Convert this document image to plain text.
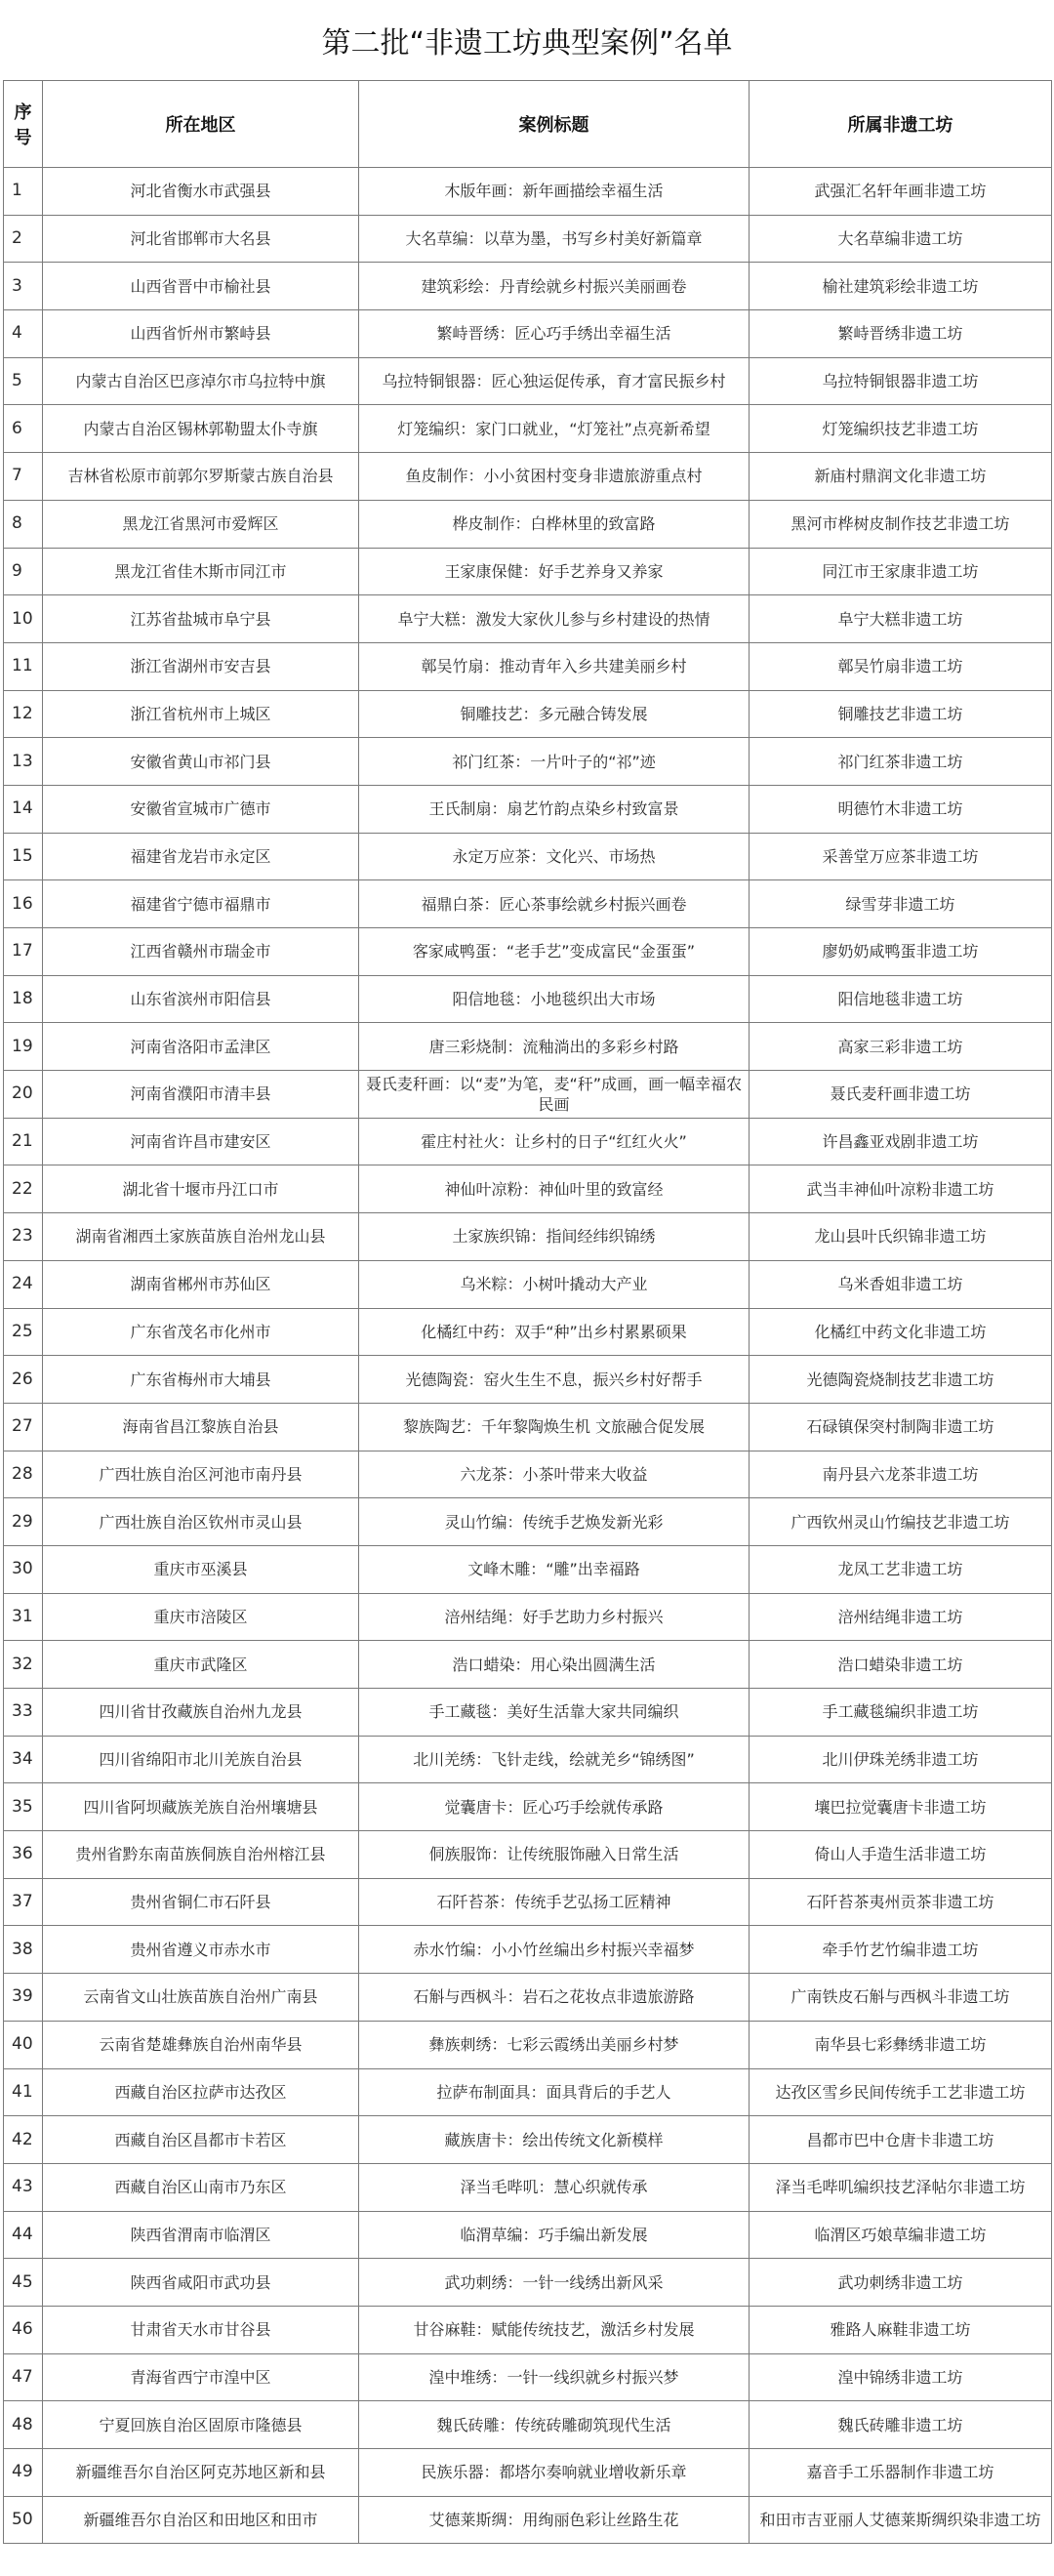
第二批“非遗工坊典型案例”名单
序号	所在地区	案例标题	所属非遗工坊
1	河北省衡水市武强县	木版年画：新年画描绘幸福生活	武强汇名轩年画非遗工坊
2	河北省邯郸市大名县	大名草编：以草为墨，书写乡村美好新篇章	大名草编非遗工坊
3	山西省晋中市榆社县	建筑彩绘：丹青绘就乡村振兴美丽画卷	榆社建筑彩绘非遗工坊
4	山西省忻州市繁峙县	繁峙晋绣：匠心巧手绣出幸福生活	繁峙晋绣非遗工坊
5	内蒙古自治区巴彦淖尔市乌拉特中旗	乌拉特铜银器：匠心独运促传承，育才富民振乡村	乌拉特铜银器非遗工坊
6	内蒙古自治区锡林郭勒盟太仆寺旗	灯笼编织：家门口就业，“灯笼社”点亮新希望	灯笼编织技艺非遗工坊
7	吉林省松原市前郭尔罗斯蒙古族自治县	鱼皮制作：小小贫困村变身非遗旅游重点村	新庙村鼎润文化非遗工坊
8	黑龙江省黑河市爱辉区	桦皮制作：白桦林里的致富路	黑河市桦树皮制作技艺非遗工坊
9	黑龙江省佳木斯市同江市	王家康保健：好手艺养身又养家	同江市王家康非遗工坊
10	江苏省盐城市阜宁县	阜宁大糕：激发大家伙儿参与乡村建设的热情	阜宁大糕非遗工坊
11	浙江省湖州市安吉县	鄣吴竹扇：推动青年入乡共建美丽乡村	鄣吴竹扇非遗工坊
12	浙江省杭州市上城区	铜雕技艺：多元融合铸发展	铜雕技艺非遗工坊
13	安徽省黄山市祁门县	祁门红茶：一片叶子的“祁”迹	祁门红茶非遗工坊
14	安徽省宣城市广德市	王氏制扇：扇艺竹韵点染乡村致富景	明德竹木非遗工坊
15	福建省龙岩市永定区	永定万应茶：文化兴、市场热	采善堂万应茶非遗工坊
16	福建省宁德市福鼎市	福鼎白茶：匠心茶事绘就乡村振兴画卷	绿雪芽非遗工坊
17	江西省赣州市瑞金市	客家咸鸭蛋：“老手艺”变成富民“金蛋蛋”	廖奶奶咸鸭蛋非遗工坊
18	山东省滨州市阳信县	阳信地毯：小地毯织出大市场	阳信地毯非遗工坊
19	河南省洛阳市孟津区	唐三彩烧制：流釉淌出的多彩乡村路	高家三彩非遗工坊
20	河南省濮阳市清丰县	聂氏麦秆画：以“麦”为笔，麦“秆”成画，画一幅幸福农民画	聂氏麦秆画非遗工坊
21	河南省许昌市建安区	霍庄村社火：让乡村的日子“红红火火”	许昌鑫亚戏剧非遗工坊
22	湖北省十堰市丹江口市	神仙叶凉粉：神仙叶里的致富经	武当丰神仙叶凉粉非遗工坊
23	湖南省湘西土家族苗族自治州龙山县	土家族织锦：指间经纬织锦绣	龙山县叶氏织锦非遗工坊
24	湖南省郴州市苏仙区	乌米粽：小树叶撬动大产业	乌米香姐非遗工坊
25	广东省茂名市化州市	化橘红中药：双手“种”出乡村累累硕果	化橘红中药文化非遗工坊
26	广东省梅州市大埔县	光德陶瓷：窑火生生不息，振兴乡村好帮手	光德陶瓷烧制技艺非遗工坊
27	海南省昌江黎族自治县	黎族陶艺：千年黎陶焕生机 文旅融合促发展	石碌镇保突村制陶非遗工坊
28	广西壮族自治区河池市南丹县	六龙茶：小茶叶带来大收益	南丹县六龙茶非遗工坊
29	广西壮族自治区钦州市灵山县	灵山竹编：传统手艺焕发新光彩	广西钦州灵山竹编技艺非遗工坊
30	重庆市巫溪县	文峰木雕：“雕”出幸福路	龙凤工艺非遗工坊
31	重庆市涪陵区	涪州结绳：好手艺助力乡村振兴	涪州结绳非遗工坊
32	重庆市武隆区	浩口蜡染：用心染出圆满生活	浩口蜡染非遗工坊
33	四川省甘孜藏族自治州九龙县	手工藏毯：美好生活靠大家共同编织	手工藏毯编织非遗工坊
34	四川省绵阳市北川羌族自治县	北川羌绣：飞针走线，绘就羌乡“锦绣图”	北川伊珠羌绣非遗工坊
35	四川省阿坝藏族羌族自治州壤塘县	觉囊唐卡：匠心巧手绘就传承路	壤巴拉觉囊唐卡非遗工坊
36	贵州省黔东南苗族侗族自治州榕江县	侗族服饰：让传统服饰融入日常生活	倚山人手造生活非遗工坊
37	贵州省铜仁市石阡县	石阡苔茶：传统手艺弘扬工匠精神	石阡苔茶夷州贡茶非遗工坊
38	贵州省遵义市赤水市	赤水竹编：小小竹丝编出乡村振兴幸福梦	牵手竹艺竹编非遗工坊
39	云南省文山壮族苗族自治州广南县	石斛与西枫斗：岩石之花妆点非遗旅游路	广南铁皮石斛与西枫斗非遗工坊
40	云南省楚雄彝族自治州南华县	彝族刺绣：七彩云霞绣出美丽乡村梦	南华县七彩彝绣非遗工坊
41	西藏自治区拉萨市达孜区	拉萨布制面具：面具背后的手艺人	达孜区雪乡民间传统手工艺非遗工坊
42	西藏自治区昌都市卡若区	藏族唐卡：绘出传统文化新模样	昌都市巴中仓唐卡非遗工坊
43	西藏自治区山南市乃东区	泽当毛哔叽：慧心织就传承	泽当毛哔叽编织技艺泽帖尔非遗工坊
44	陕西省渭南市临渭区	临渭草编：巧手编出新发展	临渭区巧娘草编非遗工坊
45	陕西省咸阳市武功县	武功刺绣：一针一线绣出新风采	武功刺绣非遗工坊
46	甘肃省天水市甘谷县	甘谷麻鞋：赋能传统技艺，激活乡村发展	雅路人麻鞋非遗工坊
47	青海省西宁市湟中区	湟中堆绣：一针一线织就乡村振兴梦	湟中锦绣非遗工坊
48	宁夏回族自治区固原市隆德县	魏氏砖雕：传统砖雕砌筑现代生活	魏氏砖雕非遗工坊
49	新疆维吾尔自治区阿克苏地区新和县	民族乐器：都塔尔奏响就业增收新乐章	嘉音手工乐器制作非遗工坊
50	新疆维吾尔自治区和田地区和田市	艾德莱斯绸：用绚丽色彩让丝路生花	和田市吉亚丽人艾德莱斯绸织染非遗工坊
